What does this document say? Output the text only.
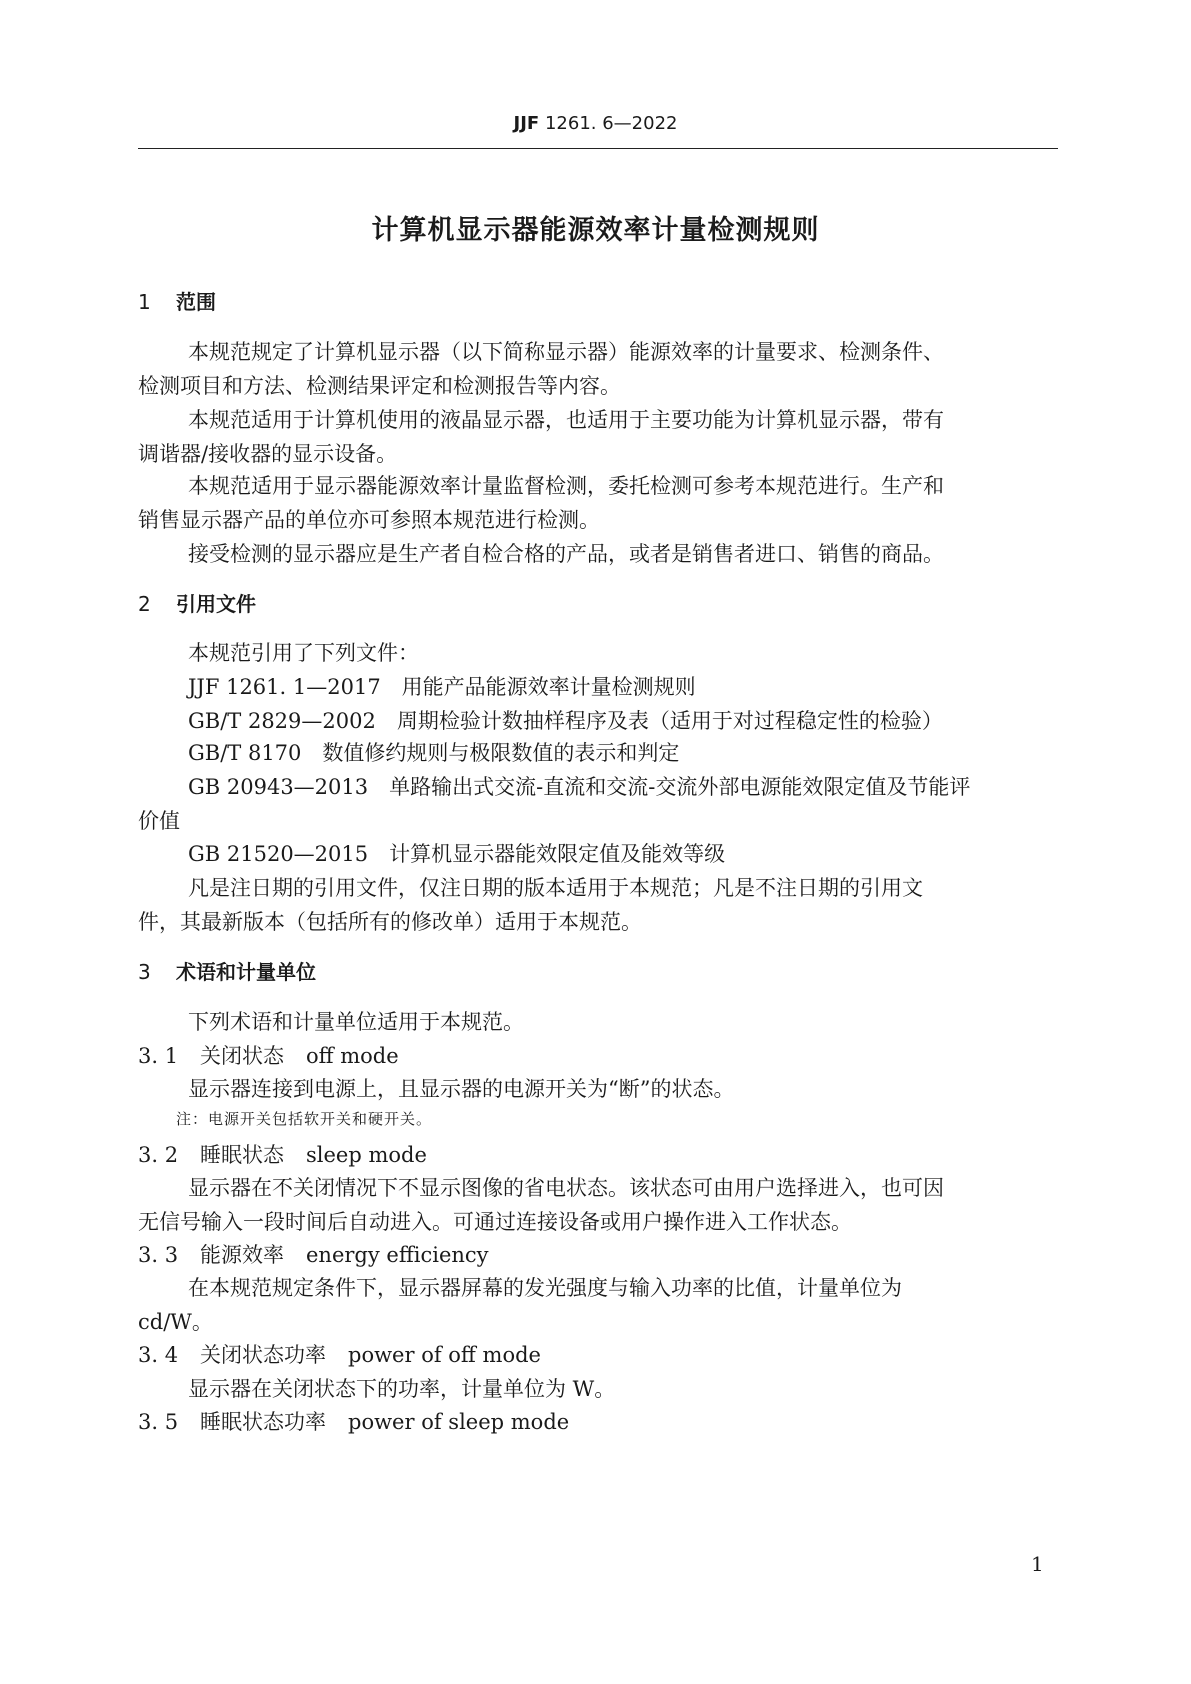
JJF 1261. 6—2022
计算机显示器能源效率计量检测规则
1 范围
本规范规定了计算机显示器（以下简称显示器）能源效率的计量要求、检测条件、
检测项目和方法、检测结果评定和检测报告等内容。
本规范适用于计算机使用的液晶显示器，也适用于主要功能为计算机显示器，带有
调谐器/接收器的显示设备。
本规范适用于显示器能源效率计量监督检测，委托检测可参考本规范进行。生产和
销售显示器产品的单位亦可参照本规范进行检测。
接受检测的显示器应是生产者自检合格的产品，或者是销售者进口、销售的商品。
2 引用文件
本规范引用了下列文件：
JJF 1261. 1—2017　用能产品能源效率计量检测规则
GB/T 2829—2002　周期检验计数抽样程序及表（适用于对过程稳定性的检验）
GB/T 8170　数值修约规则与极限数值的表示和判定
GB 20943—2013　单路输出式交流-直流和交流-交流外部电源能效限定值及节能评
价值
GB 21520—2015　计算机显示器能效限定值及能效等级
凡是注日期的引用文件，仅注日期的版本适用于本规范；凡是不注日期的引用文
件，其最新版本（包括所有的修改单）适用于本规范。
3 术语和计量单位
下列术语和计量单位适用于本规范。
3. 1 关闭状态 off mode
显示器连接到电源上，且显示器的电源开关为“断”的状态。
注：电源开关包括软开关和硬开关。
3. 2 睡眠状态 sleep mode
显示器在不关闭情况下不显示图像的省电状态。该状态可由用户选择进入，也可因
无信号输入一段时间后自动进入。可通过连接设备或用户操作进入工作状态。
3. 3 能源效率 energy efficiency
在本规范规定条件下，显示器屏幕的发光强度与输入功率的比值，计量单位为
cd/W。
3. 4 关闭状态功率 power of off mode
显示器在关闭状态下的功率，计量单位为 W。
3. 5 睡眠状态功率 power of sleep mode
1
